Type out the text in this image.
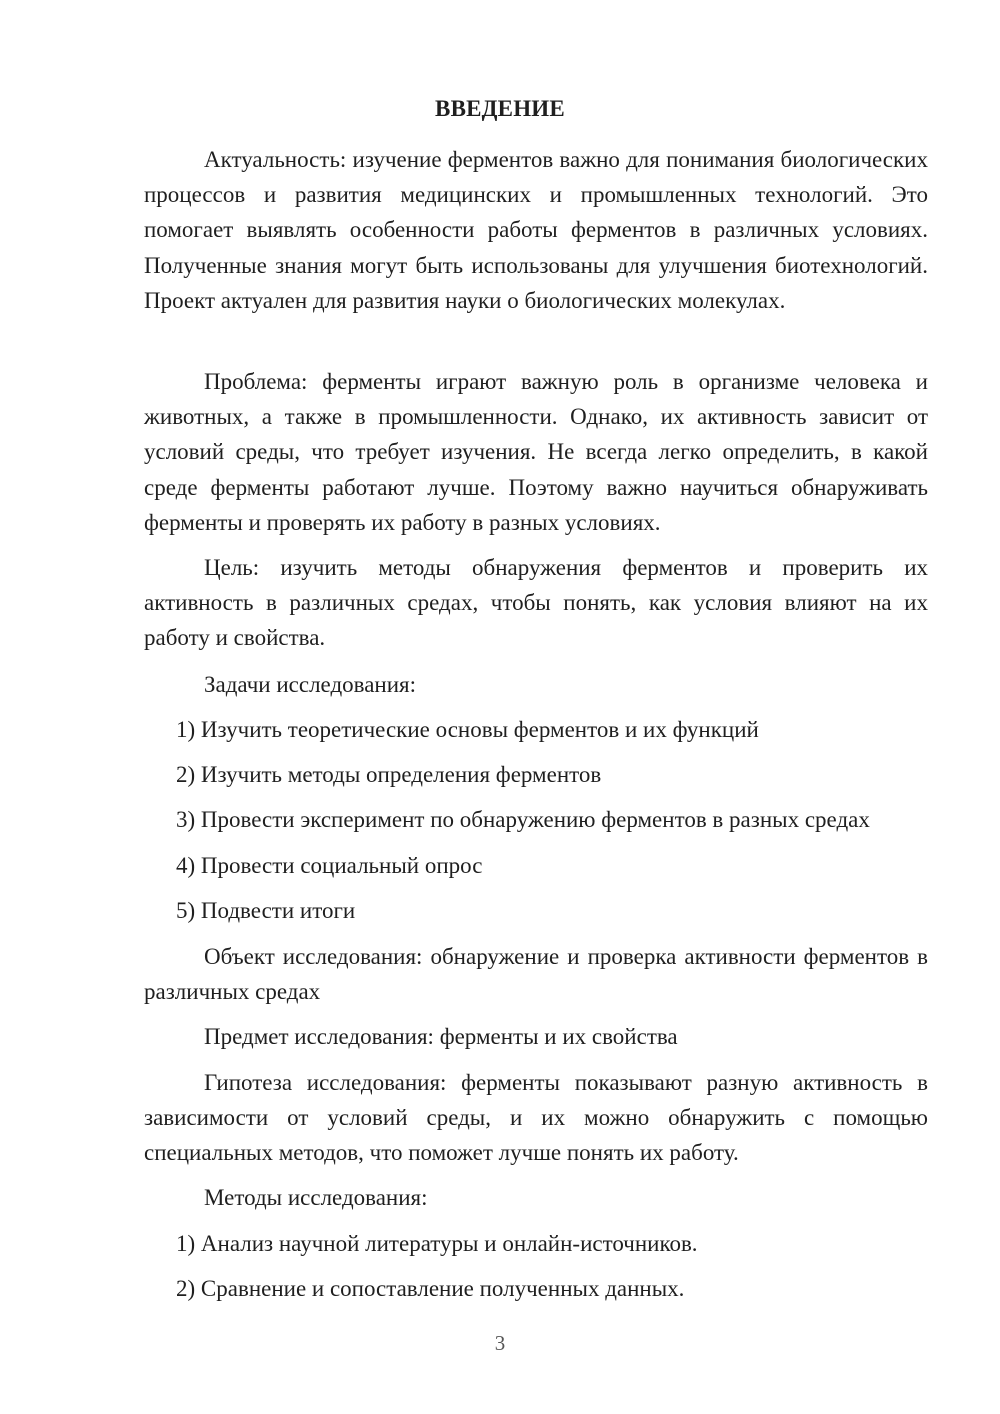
ВВЕДЕНИЕ

Актуальность: изучение ферментов важно для понимания биологических процессов и развития медицинских и промышленных технологий. Это помогает выявлять особенности работы ферментов в различных условиях. Полученные знания могут быть использованы для улучшения биотехнологий. Проект актуален для развития науки о биологических молекулах.

Проблема: ферменты играют важную роль в организме человека и животных, а также в промышленности. Однако, их активность зависит от условий среды, что требует изучения. Не всегда легко определить, в какой среде ферменты работают лучше. Поэтому важно научиться обнаруживать ферменты и проверять их работу в разных условиях.

Цель: изучить методы обнаружения ферментов и проверить их активность в различных средах, чтобы понять, как условия влияют на их работу и свойства.

Задачи исследования:

1) Изучить теоретические основы ферментов и их функций
2) Изучить методы определения ферментов
3) Провести эксперимент по обнаружению ферментов в разных средах
4) Провести социальный опрос
5) Подвести итоги

Объект исследования: обнаружение и проверка активности ферментов в различных средах

Предмет исследования: ферменты и их свойства

Гипотеза исследования: ферменты показывают разную активность в зависимости от условий среды, и их можно обнаружить с помощью специальных методов, что поможет лучше понять их работу.

Методы исследования:

1) Анализ научной литературы и онлайн-источников.
2) Сравнение и сопоставление полученных данных.
3
